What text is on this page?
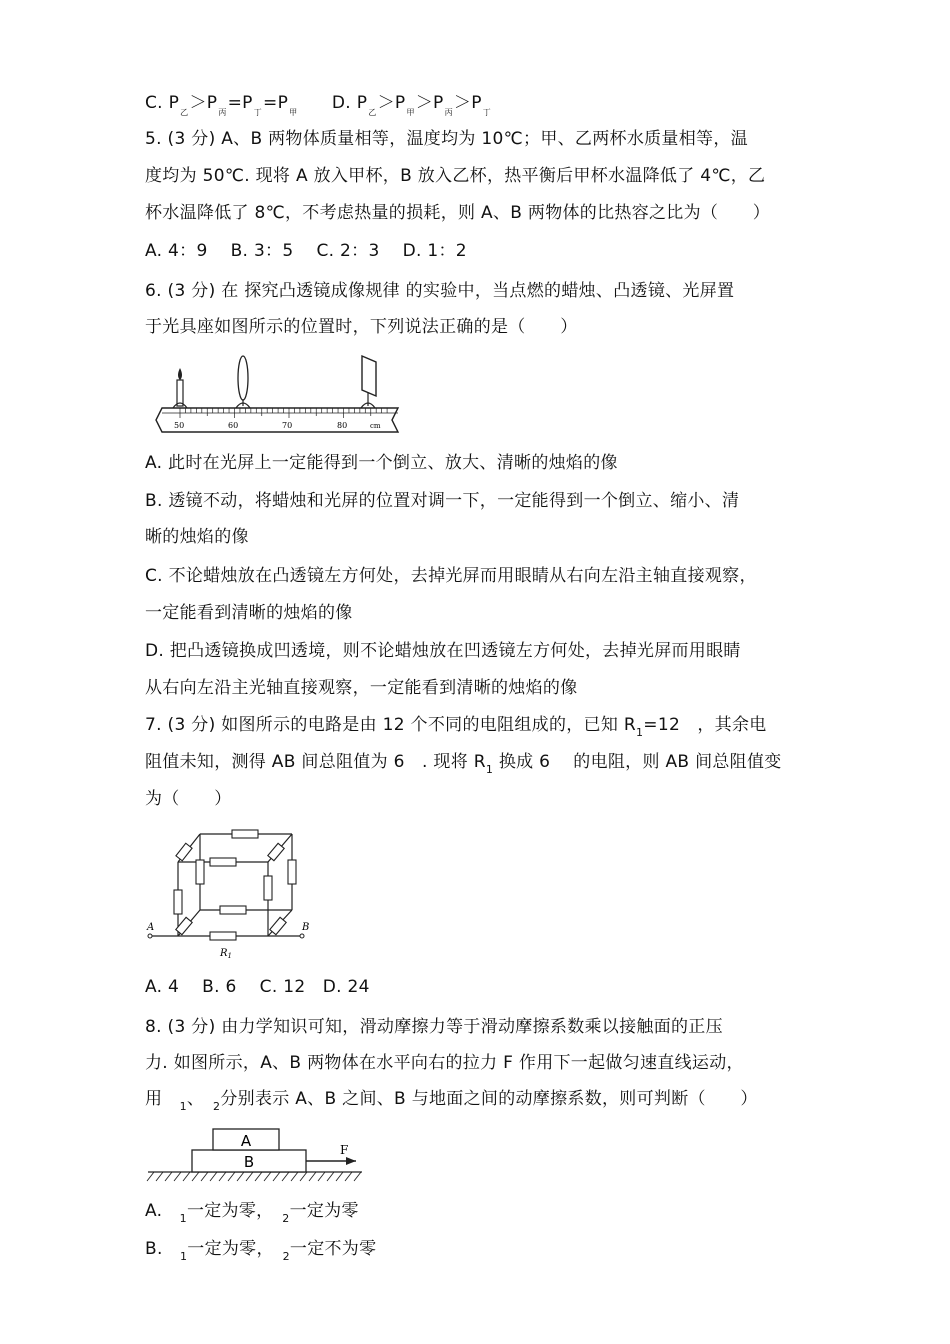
C. $P_乙>P_丙=P_丁=P_甲$ D. $P_乙>P_甲>P_丙>P_丁$
5. (3 分) A、B 两物体质量相等，温度均为 10℃；甲、乙两杯水质量相等，温
度均为 50℃. 现将 A 放入甲杯，B 放入乙杯，热平衡后甲杯水温降低了 4℃，乙
杯水温降低了 8℃，不考虑热量的损耗，则 A、B 两物体的比热容之比为（　　）
A. 4：9　 B. 3：5　 C. 2：3　 D. 1：2
6. (3 分) 在 探究凸透镜成像规律 的实验中，当点燃的蜡烛、凸透镜、光屏置
于光具座如图所示的位置时，下列说法正确的是（　　）
50	60	70	80	cm
A. 此时在光屏上一定能得到一个倒立、放大、清晰的烛焰的像
B. 透镜不动，将蜡烛和光屏的位置对调一下，一定能得到一个倒立、缩小、清
晰的烛焰的像
C. 不论蜡烛放在凸透镜左方何处，去掉光屏而用眼睛从右向左沿主轴直接观察，
一定能看到清晰的烛焰的像
D. 把凸透镜换成凹透境，则不论蜡烛放在凹透镜左方何处，去掉光屏而用眼睛
从右向左沿主光轴直接观察，一定能看到清晰的烛焰的像
7. (3 分) 如图所示的电路是由 12 个不同的电阻组成的，已知 $R_1=12$　，其余电
阻值未知，测得 AB 间总阻值为 6　. 现将 $R_1$ 换成 6　 的电阻，则 AB 间总阻值变
为（　　）
A	B
$R_1$
A. 4　 B. 6　 C. 12　D. 24
8. (3 分) 由力学知识可知，滑动摩擦力等于滑动摩擦系数乘以接触面的正压
力. 如图所示，A、B 两物体在水平向右的拉力 F 作用下一起做匀速直线运动，
用　$_1$、　$_2$分别表示 A、B 之间、B 与地面之间的动摩擦系数，则可判断（　　）
A
B
F
A.　$_1$一定为零，　$_2$一定为零
B.　$_1$一定为零，　$_2$一定不为零
